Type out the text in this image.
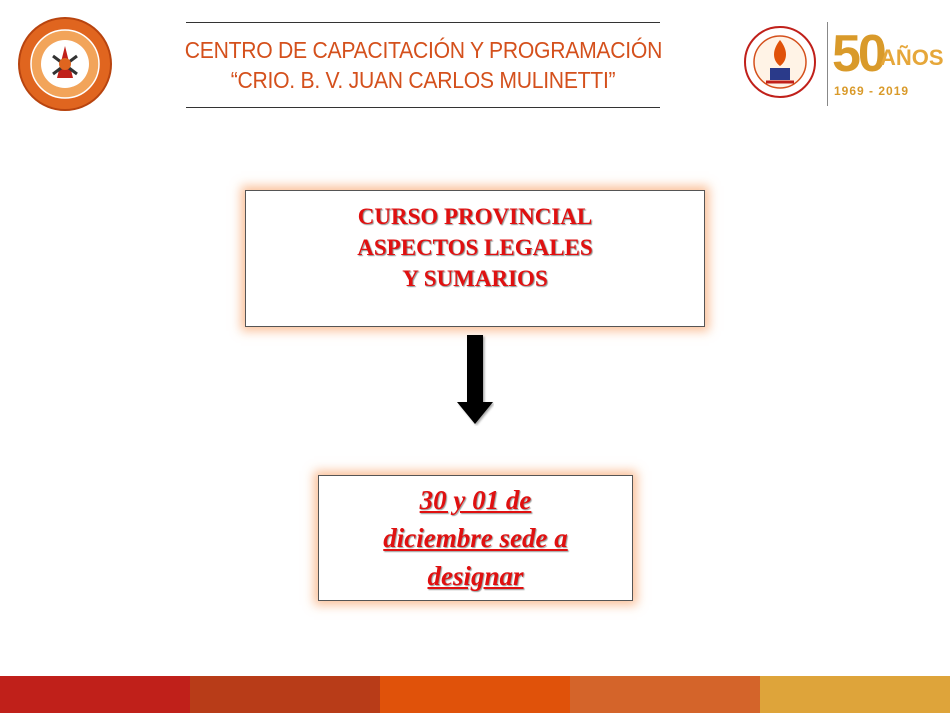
CENTRO DE CAPACITACIÓN Y PROGRAMACIÓN
“CRIO. B. V. JUAN CARLOS MULINETTI”	50
AÑOS
1969 - 2019
CURSO PROVINCIAL
ASPECTOS LEGALES
Y SUMARIOS
30 y 01 de
diciembre sede a
designar
